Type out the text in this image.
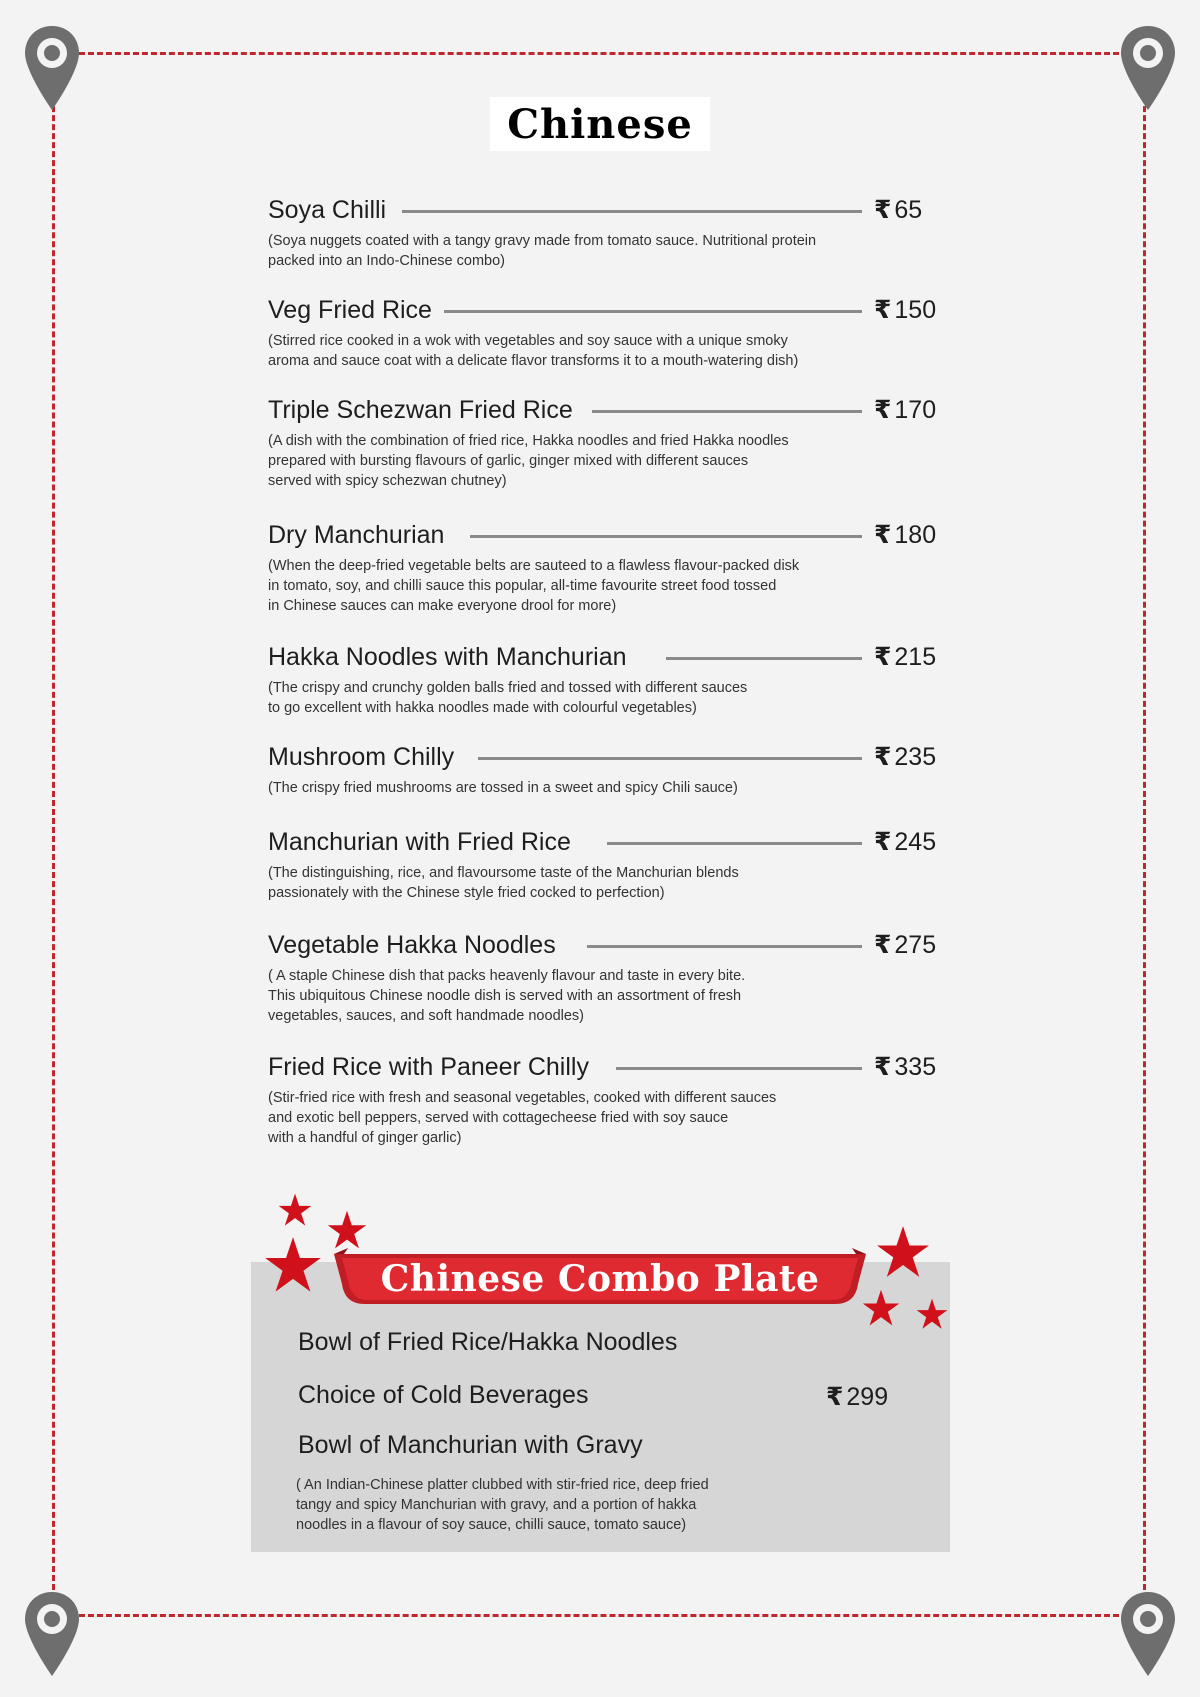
Chinese
Soya Chilli	₹ 65
(Soya nuggets coated with a tangy gravy made from tomato sauce. Nutritional protein
packed into an Indo-Chinese combo)
Veg Fried Rice	₹ 150
(Stirred rice cooked in a wok with vegetables and soy sauce with a unique smoky
aroma and sauce coat with a delicate flavor transforms it to a mouth-watering dish)
Triple Schezwan Fried Rice	₹ 170
(A dish with the combination of fried rice, Hakka noodles and fried Hakka noodles
prepared with bursting flavours of garlic, ginger mixed with different sauces
served with spicy schezwan chutney)
Dry Manchurian	₹ 180
(When the deep-fried vegetable belts are sauteed to a flawless flavour-packed disk
in tomato, soy, and chilli sauce this popular, all-time favourite street food tossed
in Chinese sauces can make everyone drool for more)
Hakka Noodles with Manchurian	₹ 215
(The crispy and crunchy golden balls fried and tossed with different sauces
to go excellent with hakka noodles made with colourful vegetables)
Mushroom Chilly	₹ 235
(The crispy fried mushrooms are tossed in a sweet and spicy Chili sauce)
Manchurian with Fried Rice	₹ 245
(The distinguishing, rice, and flavoursome taste of the Manchurian blends
passionately with the Chinese style fried cocked to perfection)
Vegetable Hakka Noodles	₹ 275
( A staple Chinese dish that packs heavenly flavour and taste in every bite.
This ubiquitous Chinese noodle dish is served with an assortment of fresh
vegetables, sauces, and soft handmade noodles)
Fried Rice with Paneer Chilly	₹ 335
(Stir-fried rice with fresh and seasonal vegetables, cooked with different sauces
and exotic bell peppers, served with cottagecheese fried with soy sauce
with a handful of ginger garlic)
Chinese Combo Plate
Bowl of Fried Rice/Hakka Noodles
Choice of Cold Beverages
Bowl of Manchurian with Gravy
₹ 299
( An Indian-Chinese platter clubbed with stir-fried rice, deep fried
tangy and spicy Manchurian with gravy, and a portion of hakka
noodles in a flavour of soy sauce, chilli sauce, tomato sauce)
